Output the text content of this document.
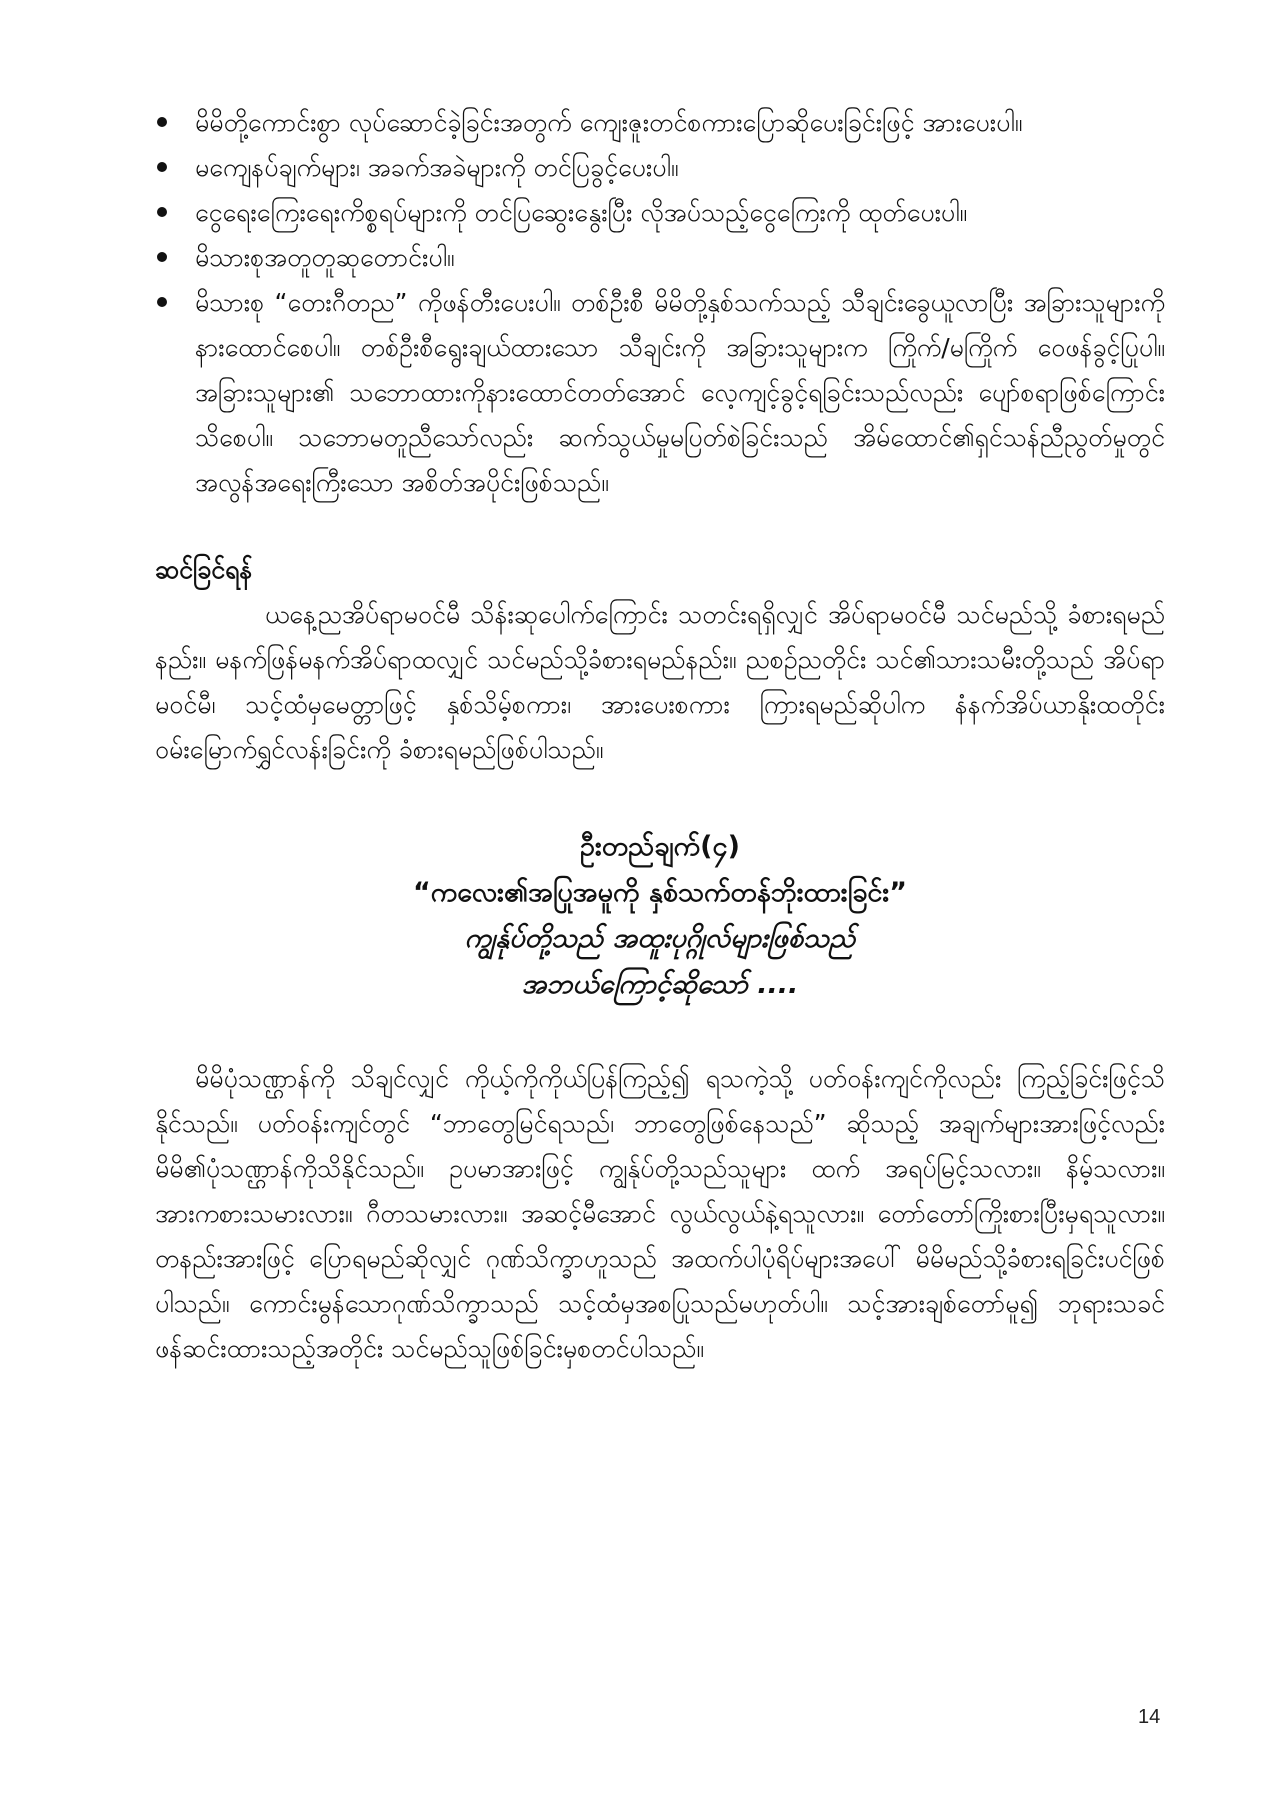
မိမိတို့ကောင်းစွာ လုပ်ဆောင်ခဲ့ခြင်းအတွက် ကျေးဇူးတင်စကားပြောဆိုပေးခြင်းဖြင့် အားပေးပါ။
မကျေနပ်ချက်များ၊ အခက်အခဲများကို တင်ပြခွင့်ပေးပါ။
ငွေရေးကြေးရေးကိစ္စရပ်များကို တင်ပြဆွေးနွေးပြီး လိုအပ်သည့်ငွေကြေးကို ထုတ်ပေးပါ။
မိသားစုအတူတူဆုတောင်းပါ။
မိသားစု “တေးဂီတည” ကိုဖန်တီးပေးပါ။ တစ်ဦးစီ မိမိတို့နှစ်သက်သည့် သီချင်းခွေယူလာပြီး အခြားသူများကို နားထောင်စေပါ။ တစ်ဦးစီရွေးချယ်ထားသော သီချင်းကို အခြားသူများက ကြိုက်/မကြိုက် ဝေဖန်ခွင့်ပြုပါ။ အခြားသူများ၏ သဘောထားကိုနားထောင်တတ်အောင် လေ့ကျင့်ခွင့်ရခြင်းသည်လည်း ပျော်စရာဖြစ်ကြောင်းသိစေပါ။ သဘောမတူညီသော်လည်း ဆက်သွယ်မှုမပြတ်စဲခြင်းသည် အိမ်ထောင်၏ရှင်သန်ညီညွတ်မှုတွင် အလွန်အရေးကြီးသော အစိတ်အပိုင်းဖြစ်သည်။
ဆင်ခြင်ရန်

ယနေ့ညအိပ်ရာမဝင်မီ သိန်းဆုပေါက်ကြောင်း သတင်းရရှိလျှင် အိပ်ရာမဝင်မီ သင်မည်သို့ ခံစားရမည်နည်း။ မနက်ဖြန်မနက်အိပ်ရာထလျှင် သင်မည်သို့ခံစားရမည်နည်း။ ညစဉ်ညတိုင်း သင်၏သားသမီးတို့သည် အိပ်ရာမဝင်မီ၊ သင့်ထံမှမေတ္တာဖြင့် နှစ်သိမ့်စကား၊ အားပေးစကား ကြားရမည်ဆိုပါက နံနက်အိပ်ယာနိုးထတိုင်း ဝမ်းမြောက်ရွှင်လန်းခြင်းကို ခံစားရမည်ဖြစ်ပါသည်။

ဦးတည်ချက်(၄)
“ကလေး၏အပြုအမူကို နှစ်သက်တန်ဘိုးထားခြင်း”
ကျွန်ုပ်တို့သည် အထူးပုဂ္ဂိုလ်များဖြစ်သည်
အဘယ်ကြောင့်ဆိုသော် ....

မိမိပုံသဏ္ဌာန်ကို သိချင်လျှင် ကိုယ့်ကိုကိုယ်ပြန်ကြည့်၍ ရသကဲ့သို့ ပတ်ဝန်းကျင်ကိုလည်း ကြည့်ခြင်းဖြင့်သိနိုင်သည်။ ပတ်ဝန်းကျင်တွင် “ဘာတွေမြင်ရသည်၊ ဘာတွေဖြစ်နေသည်” ဆိုသည့် အချက်များအားဖြင့်လည်း မိမိ၏ပုံသဏ္ဌာန်ကိုသိနိုင်သည်။ ဥပမာအားဖြင့် ကျွန်ုပ်တို့သည်သူများ ထက် အရပ်မြင့်သလား။ နိမ့်သလား။ အားကစားသမားလား။ ဂီတသမားလား။ အဆင့်မီအောင် လွယ်လွယ်နဲ့ရသူလား။ တော်တော်ကြိုးစားပြီးမှရသူလား။ တနည်းအားဖြင့် ပြောရမည်ဆိုလျှင် ဂုဏ်သိက္ခာဟူသည် အထက်ပါပုံရိပ်များအပေါ် မိမိမည်သို့ခံစားရခြင်းပင်ဖြစ်ပါသည်။ ကောင်းမွန်သောဂုဏ်သိက္ခာသည် သင့်ထံမှအစပြုသည်မဟုတ်ပါ။ သင့်အားချစ်တော်မူ၍ ဘုရားသခင် ဖန်ဆင်းထားသည့်အတိုင်း သင်မည်သူဖြစ်ခြင်းမှစတင်ပါသည်။

14
